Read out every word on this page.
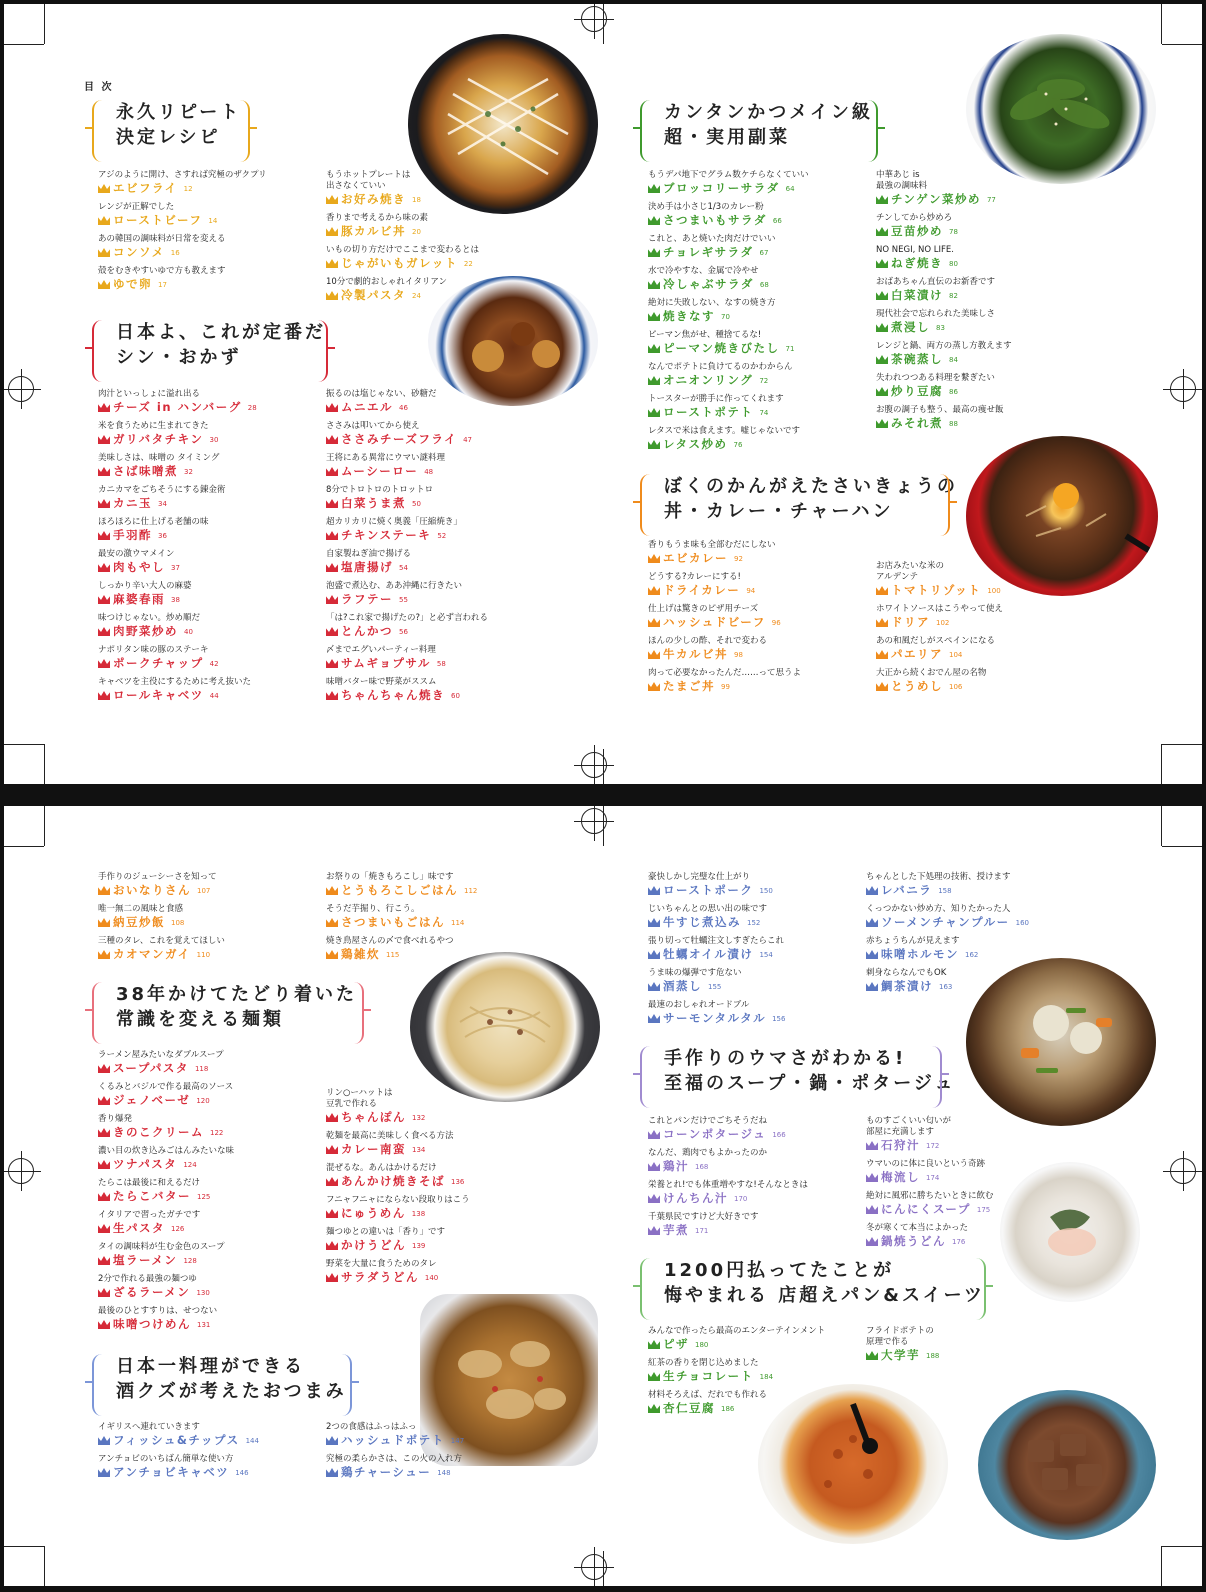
目 次
永久リピート
決定レシピ
アジのように開け、さすれば究極のザクプリ
エビフライ 12
レンジが正解でした
ローストビーフ 14
あの韓国の調味料が日常を変える
コンソメ 16
殻をむきやすいゆで方も教えます
ゆで卵 17
もうホットプレートは
出さなくていい
お好み焼き 18
香りまで考えるから味の素
豚カルビ丼 20
いもの切り方だけでここまで変わるとは
じゃがいもガレット 22
10分で劇的おしゃれイタリアン
冷製パスタ 24
日本よ、これが定番だ
シン・おかず
肉汁といっしょに溢れ出る
チーズ in ハンバーグ 28
米を食うために生まれてきた
ガリバタチキン 30
美味しさは、味噌の タイミング
さば味噌煮 32
カニカマをごちそうにする錬金術
カニ玉 34
ほろほろに仕上げる老舗の味
手羽酢 36
最安の激ウマメイン
肉もやし 37
しっかり辛い大人の麻婆
麻婆春雨 38
味つけじゃない。炒め順だ
肉野菜炒め 40
ナポリタン味の豚のステーキ
ポークチャップ 42
キャベツを主役にするために考え抜いた
ロールキャベツ 44
振るのは塩じゃない、砂糖だ
ムニエル 46
ささみは叩いてから使え
ささみチーズフライ 47
王将にある異常にウマい謎料理
ムーシーロー 48
8分でトロトロのトロットロ
白菜うま煮 50
超カリカリに焼く奥義「圧縮焼き」
チキンステーキ 52
自家製ねぎ油で揚げる
塩唐揚げ 54
泡盛で煮込む、ああ沖縄に行きたい
ラフテー 55
「は?これ家で揚げたの?」と必ず言われる
とんかつ 56
〆までエグいパーティー料理
サムギョプサル 58
味噌バター味で野菜がススム
ちゃんちゃん焼き 60
カンタンかつメイン級
超・実用副菜
もうデパ地下でグラム数ケチらなくていい
ブロッコリーサラダ 64
決め手は小さじ1/3のカレー粉
さつまいもサラダ 66
これと、あと焼いた肉だけでいい
チョレギサラダ 67
水で冷やすな、金属で冷やせ
冷しゃぶサラダ 68
絶対に失敗しない、なすの焼き方
焼きなす 70
ピーマン焦がせ、種捨てるな!
ピーマン焼きびたし 71
なんでポテトに負けてるのかわからん
オニオンリング 72
トースターが勝手に作ってくれます
ローストポテト 74
レタスで米は食えます。嘘じゃないです
レタス炒め 76
中華あじ is
最強の調味料
チンゲン菜炒め 77
チンしてから炒めろ
豆苗炒め 78
NO NEGI, NO LIFE.
ねぎ焼き 80
おばあちゃん直伝のお新香です
白菜漬け 82
現代社会で忘れられた美味しさ
煮浸し 83
レンジと鍋、両方の蒸し方教えます
茶碗蒸し 84
失われつつある料理を繋ぎたい
炒り豆腐 86
お腹の調子も整う、最高の痩せ飯
みそれ煮 88
ぼくのかんがえたさいきょうの
丼・カレー・チャーハン
香りもうま味も全部むだにしない
エビカレー 92
どうする?カレーにする!
ドライカレー 94
仕上げは驚きのピザ用チーズ
ハッシュドビーフ 96
ほんの少しの酢、それで変わる
牛カルビ丼 98
肉って必要なかったんだ……って思うよ
たまご丼 99
お店みたいな米の
アルデンテ
トマトリゾット 100
ホワイトソースはこうやって使え
ドリア 102
あの和風だしがスペインになる
パエリア 104
大正から続くおでん屋の名物
とうめし 106
手作りのジューシーさを知って
おいなりさん 107
唯一無二の風味と食感
納豆炒飯 108
三種のタレ、これを覚えてほしい
カオマンガイ 110
お祭りの「焼きもろこし」味です
とうもろこしごはん 112
そうだ芋掘り、行こう。
さつまいもごはん 114
焼き鳥屋さんの〆で食べれるやつ
鶏雑炊 115
38年かけてたどり着いた
常識を変える麺類
ラーメン屋みたいなダブルスープ
スープパスタ 118
くるみとバジルで作る最高のソース
ジェノベーゼ 120
香り爆発
きのこクリーム 122
濃い目の炊き込みごはんみたいな味
ツナパスタ 124
たらこは最後に和えるだけ
たらこバター 125
イタリアで習ったガチです
生パスタ 126
タイの調味料が生む金色のスープ
塩ラーメン 128
2分で作れる最強の麺つゆ
ざるラーメン 130
最後のひとすすりは、せつない
味噌つけめん 131
リン○ーハットは
豆乳で作れる
ちゃんぽん 132
乾麺を最高に美味しく食べる方法
カレー南蛮 134
混ぜるな。あんはかけるだけ
あんかけ焼きそば 136
フニャフニャにならない段取りはこう
にゅうめん 138
麺つゆとの違いは「香り」です
かけうどん 139
野菜を大量に食うためのタレ
サラダうどん 140
日本一料理ができる
酒クズが考えたおつまみ
イギリスへ連れていきます
フィッシュ&チップス 144
アンチョビのいちばん簡単な使い方
アンチョビキャベツ 146
2つの食感はふっはふっ
ハッシュドポテト 147
究極の柔らかさは、この火の入れ方
鶏チャーシュー 148
豪快しかし完璧な仕上がり
ローストポーク 150
じいちゃんとの思い出の味です
牛すじ煮込み 152
張り切って牡蠣注文しすぎたらこれ
牡蠣オイル漬け 154
うま味の爆弾です危ない
酒蒸し 155
最速のおしゃれオードブル
サーモンタルタル 156
ちゃんとした下処理の技術、授けます
レバニラ 158
くっつかない炒め方、知りたかった人
ソーメンチャンプルー 160
赤ちょうちんが見えます
味噌ホルモン 162
刺身ならなんでもOK
鯛茶漬け 163
手作りのウマさがわかる!
至福のスープ・鍋・ポタージュ
これとパンだけでごちそうだね
コーンポタージュ 166
なんだ、鶏肉でもよかったのか
鶏汁 168
栄養とれ!でも体重増やすな!そんなときは
けんちん汁 170
千葉県民ですけど大好きです
芋煮 171
ものすごくいい匂いが
部屋に充満します
石狩汁 172
ウマいのに体に良いという奇跡
梅流し 174
絶対に風邪に勝ちたいときに飲む
にんにくスープ 175
冬が寒くて本当によかった
鍋焼うどん 176
1200円払ってたことが
悔やまれる 店超えパン&スイーツ
みんなで作ったら最高のエンターテインメント
ピザ 180
紅茶の香りを閉じ込めました
生チョコレート 184
材料そろえば、だれでも作れる
杏仁豆腐 186
フライドポテトの
原理で作る
大学芋 188
